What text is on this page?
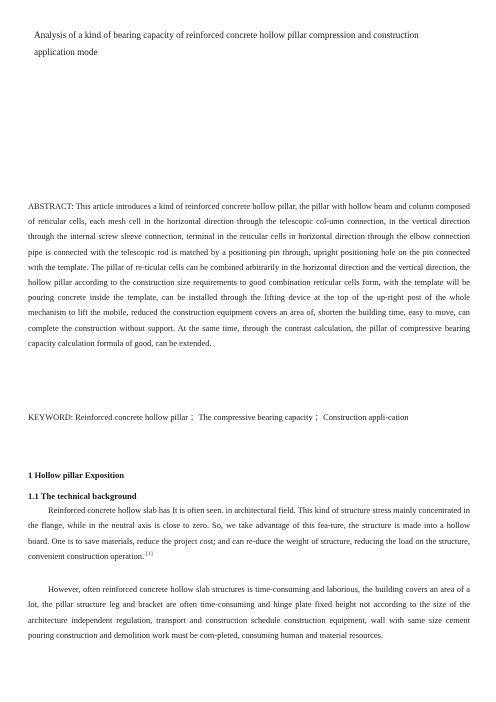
Analysis of a kind of bearing capacity of reinforced concrete hollow pillar compression and construction application mode
ABSTRACT: This article introduces a kind of reinforced concrete hollow pillar, the pillar with hollow beam and column composed of reticular cells, each mesh cell in the horizontal direction through the telescopic col-umn connection, in the vertical direction through the internal screw sleeve connection, terminal in the reticular cells in horizontal direction through the elbow connection pipe is connected with the telescopic rod is matched by a positioning pin through, upright positioning hole on the pin connected with the template. The pillar of re-ticular cells can be combined arbitrarily in the horizontal direction and the vertical direction, the hollow pillar according to the construction size requirements to good combination reticular cells form, with the template will be pouring concrete inside the template, can be installed through the lifting device at the top of the up-right post of the whole mechanism to lift the mobile, reduced the construction equipment covers an area of, shorten the building time, easy to move, can complete the construction without support. At the same time, through the contrast calculation, the pillar of compressive bearing capacity calculation formula of good, can be extended.
KEYWORD: Reinforced concrete hollow pillar ；The compressive bearing capacity ；Construction appli-cation
1 Hollow pillar Exposition
1.1 The technical background
Reinforced concrete hollow slab has It is often seen. in architectural field. This kind of structure stress mainly concentrated in the flange, while in the neutral axis is close to zero. So, we take advantage of this fea-ture, the structure is made into a hollow board. One is to save materials, reduce the project cost; and can re-duce the weight of structure, reducing the load on the structure, convenient construction operation. [1]
However, often reinforced concrete hollow slab structures is time-consuming and laborious, the building covers an area of a lot, the pillar structure leg and bracket are often time-consuming and hinge plate fixed height not according to the size of the architecture independent regulation, transport and construction schedule construction equipment, wall with same size cement pouring construction and demolition work must be com-pleted, consuming human and material resources.
